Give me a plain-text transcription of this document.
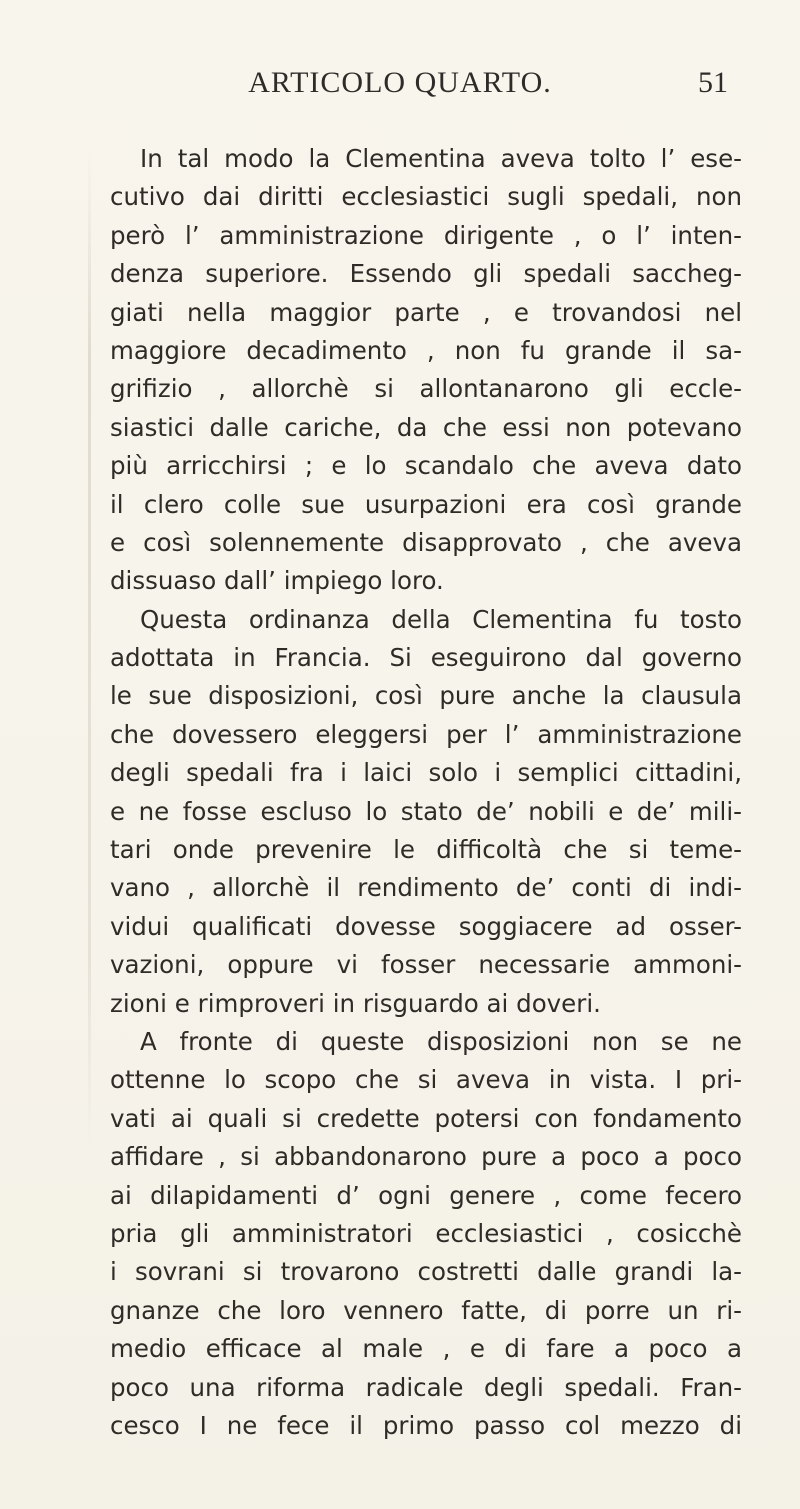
ARTICOLO QUARTO.	51
In tal modo la Clementina aveva tolto l’ ese-
cutivo dai diritti ecclesiastici sugli spedali, non
però l’ amministrazione dirigente , o l’ inten-
denza superiore. Essendo gli spedali saccheg-
giati nella maggior parte , e trovandosi nel
maggiore decadimento , non fu grande il sa-
grifizio , allorchè si allontanarono gli eccle-
siastici dalle cariche, da che essi non potevano
più arricchirsi ; e lo scandalo che aveva dato
il clero colle sue usurpazioni era così grande
e così solennemente disapprovato , che aveva
dissuaso dall’ impiego loro.
Questa ordinanza della Clementina fu tosto
adottata in Francia. Si eseguirono dal governo
le sue disposizioni, così pure anche la clausula
che dovessero eleggersi per l’ amministrazione
degli spedali fra i laici solo i semplici cittadini,
e ne fosse escluso lo stato de’ nobili e de’ mili-
tari onde prevenire le difficoltà che si teme-
vano , allorchè il rendimento de’ conti di indi-
vidui qualificati dovesse soggiacere ad osser-
vazioni, oppure vi fosser necessarie ammoni-
zioni e rimproveri in risguardo ai doveri.
A fronte di queste disposizioni non se ne
ottenne lo scopo che si aveva in vista. I pri-
vati ai quali si credette potersi con fondamento
affidare , si abbandonarono pure a poco a poco
ai dilapidamenti d’ ogni genere , come fecero
pria gli amministratori ecclesiastici , cosicchè
i sovrani si trovarono costretti dalle grandi la-
gnanze che loro vennero fatte, di porre un ri-
medio efficace al male , e di fare a poco a
poco una riforma radicale degli spedali. Fran-
cesco I ne fece il primo passo col mezzo di
